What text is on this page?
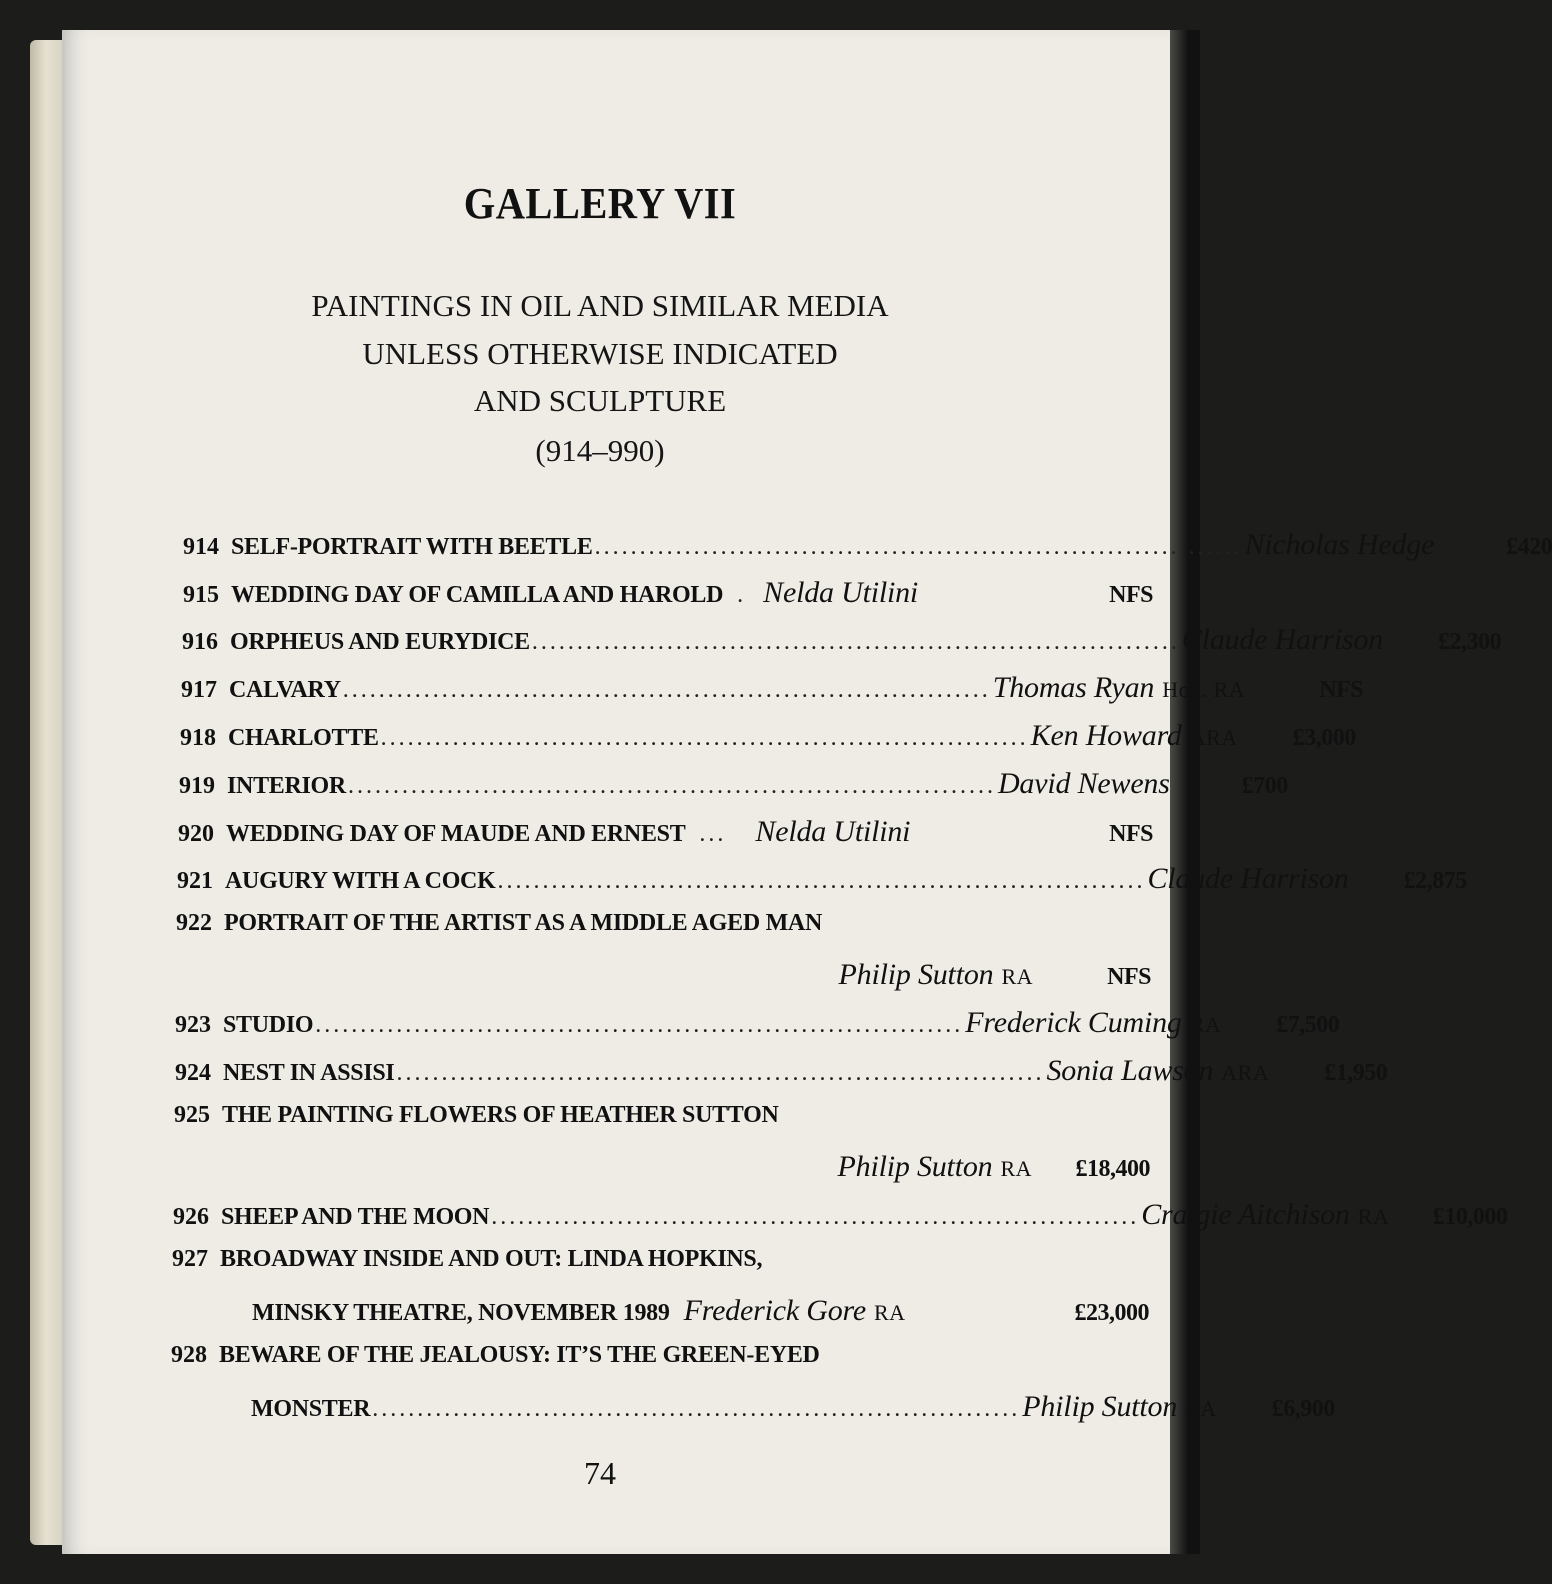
GALLERY VII
PAINTINGS IN OIL AND SIMILAR MEDIA
UNLESS OTHERWISE INDICATED
AND SCULPTURE
(914–990)
914 SELF-PORTRAIT WITH BEETLE ........................................................................ Nicholas Hedge	£420
915 WEDDING DAY OF CAMILLA AND HAROLD . Nelda Utilini	NFS
916 ORPHEUS AND EURYDICE ........................................................................ Claude Harrison	£2,300
917 CALVARY ........................................................................ Thomas Ryan Hon. RA	NFS
918 CHARLOTTE ........................................................................ Ken Howard ARA	£3,000
919 INTERIOR ........................................................................ David Newens	£700
920 WEDDING DAY OF MAUDE AND ERNEST ... Nelda Utilini	NFS
921 AUGURY WITH A COCK ........................................................................ Claude Harrison	£2,875
922 PORTRAIT OF THE ARTIST AS A MIDDLE AGED MAN
Philip Sutton RA	NFS
923 STUDIO ........................................................................ Frederick Cuming RA	£7,500
924 NEST IN ASSISI ........................................................................ Sonia Lawson ARA	£1,950
925 THE PAINTING FLOWERS OF HEATHER SUTTON
Philip Sutton RA	£18,400
926 SHEEP AND THE MOON ........................................................................ Craigie Aitchison RA	£10,000
927 BROADWAY INSIDE AND OUT: LINDA HOPKINS,
MINSKY THEATRE, NOVEMBER 1989 Frederick Gore RA	£23,000
928 BEWARE OF THE JEALOUSY: IT’S THE GREEN-EYED
MONSTER ........................................................................ Philip Sutton RA	£6,900
74
